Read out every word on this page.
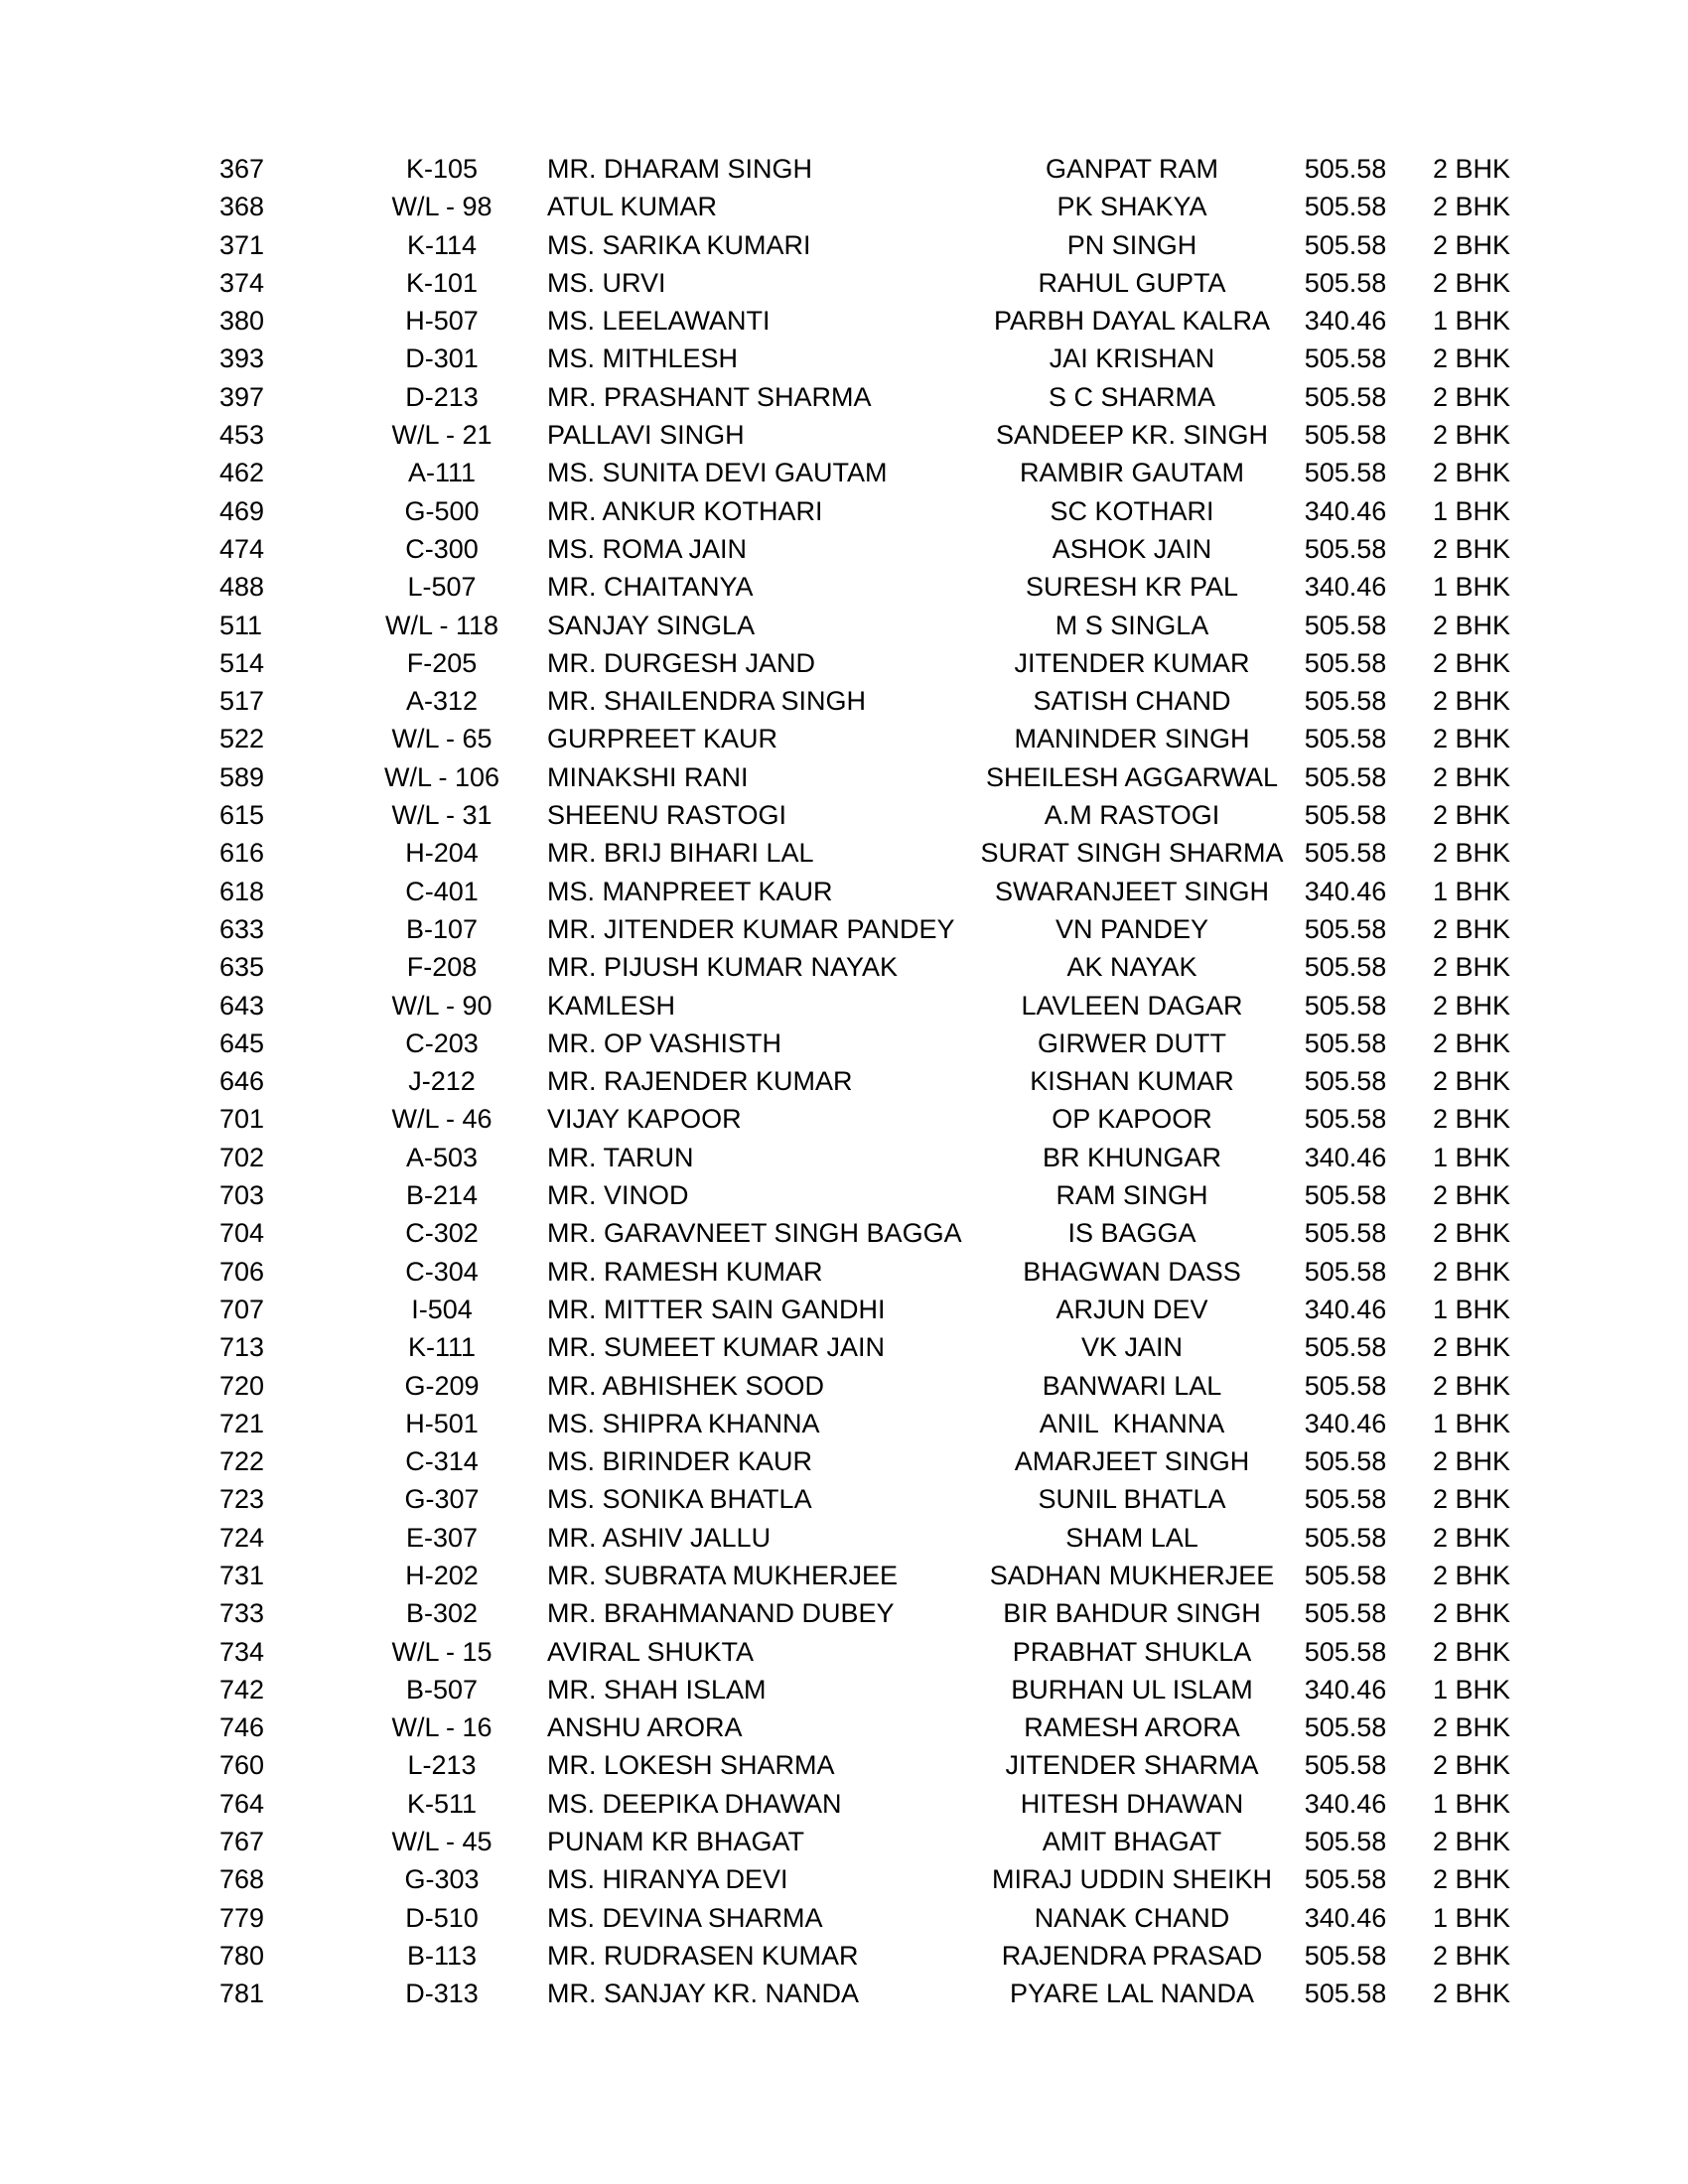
367	K-105	MR. DHARAM SINGH	GANPAT RAM	505.58	2 BHK
368	W/L - 98	ATUL KUMAR	PK SHAKYA	505.58	2 BHK
371	K-114	MS. SARIKA KUMARI	PN SINGH	505.58	2 BHK
374	K-101	MS. URVI	RAHUL GUPTA	505.58	2 BHK
380	H-507	MS. LEELAWANTI	PARBH DAYAL KALRA	340.46	1 BHK
393	D-301	MS. MITHLESH	JAI KRISHAN	505.58	2 BHK
397	D-213	MR. PRASHANT SHARMA	S C SHARMA	505.58	2 BHK
453	W/L - 21	PALLAVI SINGH	SANDEEP KR. SINGH	505.58	2 BHK
462	A-111	MS. SUNITA DEVI GAUTAM	RAMBIR GAUTAM	505.58	2 BHK
469	G-500	MR. ANKUR KOTHARI	SC KOTHARI	340.46	1 BHK
474	C-300	MS. ROMA JAIN	ASHOK JAIN	505.58	2 BHK
488	L-507	MR. CHAITANYA	SURESH KR PAL	340.46	1 BHK
511	W/L - 118	SANJAY SINGLA	M S SINGLA	505.58	2 BHK
514	F-205	MR. DURGESH JAND	JITENDER KUMAR	505.58	2 BHK
517	A-312	MR. SHAILENDRA SINGH	SATISH CHAND	505.58	2 BHK
522	W/L - 65	GURPREET KAUR	MANINDER SINGH	505.58	2 BHK
589	W/L - 106	MINAKSHI RANI	SHEILESH AGGARWAL 505.58	2 BHK
615	W/L - 31	SHEENU RASTOGI	A.M RASTOGI	505.58	2 BHK
616	H-204	MR. BRIJ BIHARI LAL	SURAT SINGH SHARMA 505.58	2 BHK
618	C-401	MS. MANPREET KAUR	SWARANJEET SINGH	340.46	1 BHK
633	B-107	MR. JITENDER KUMAR PANDEY	VN PANDEY	505.58	2 BHK
635	F-208	MR. PIJUSH KUMAR NAYAK	AK NAYAK	505.58	2 BHK
643	W/L - 90	KAMLESH	LAVLEEN DAGAR	505.58	2 BHK
645	C-203	MR. OP VASHISTH	GIRWER DUTT	505.58	2 BHK
646	J-212	MR. RAJENDER KUMAR	KISHAN KUMAR	505.58	2 BHK
701	W/L - 46	VIJAY KAPOOR	OP KAPOOR	505.58	2 BHK
702	A-503	MR. TARUN	BR KHUNGAR	340.46	1 BHK
703	B-214	MR. VINOD	RAM SINGH	505.58	2 BHK
704	C-302	MR. GARAVNEET SINGH BAGGA	IS BAGGA	505.58	2 BHK
706	C-304	MR. RAMESH KUMAR	BHAGWAN DASS	505.58	2 BHK
707	I-504	MR. MITTER SAIN GANDHI	ARJUN DEV	340.46	1 BHK
713	K-111	MR. SUMEET KUMAR JAIN	VK JAIN	505.58	2 BHK
720	G-209	MR. ABHISHEK SOOD	BANWARI LAL	505.58	2 BHK
721	H-501	MS. SHIPRA KHANNA	ANIL  KHANNA	340.46	1 BHK
722	C-314	MS. BIRINDER KAUR	AMARJEET SINGH	505.58	2 BHK
723	G-307	MS. SONIKA BHATLA	SUNIL BHATLA	505.58	2 BHK
724	E-307	MR. ASHIV JALLU	SHAM LAL	505.58	2 BHK
731	H-202	MR. SUBRATA MUKHERJEE	SADHAN MUKHERJEE	505.58	2 BHK
733	B-302	MR. BRAHMANAND DUBEY	BIR BAHDUR SINGH	505.58	2 BHK
734	W/L - 15	AVIRAL SHUKTA	PRABHAT SHUKLA	505.58	2 BHK
742	B-507	MR. SHAH ISLAM	BURHAN UL ISLAM	340.46	1 BHK
746	W/L - 16	ANSHU ARORA	RAMESH ARORA	505.58	2 BHK
760	L-213	MR. LOKESH SHARMA	JITENDER SHARMA	505.58	2 BHK
764	K-511	MS. DEEPIKA DHAWAN	HITESH DHAWAN	340.46	1 BHK
767	W/L - 45	PUNAM KR BHAGAT	AMIT BHAGAT	505.58	2 BHK
768	G-303	MS. HIRANYA DEVI	MIRAJ UDDIN SHEIKH	505.58	2 BHK
779	D-510	MS. DEVINA SHARMA	NANAK CHAND	340.46	1 BHK
780	B-113	MR. RUDRASEN KUMAR	RAJENDRA PRASAD	505.58	2 BHK
781	D-313	MR. SANJAY KR. NANDA	PYARE LAL NANDA	505.58	2 BHK
